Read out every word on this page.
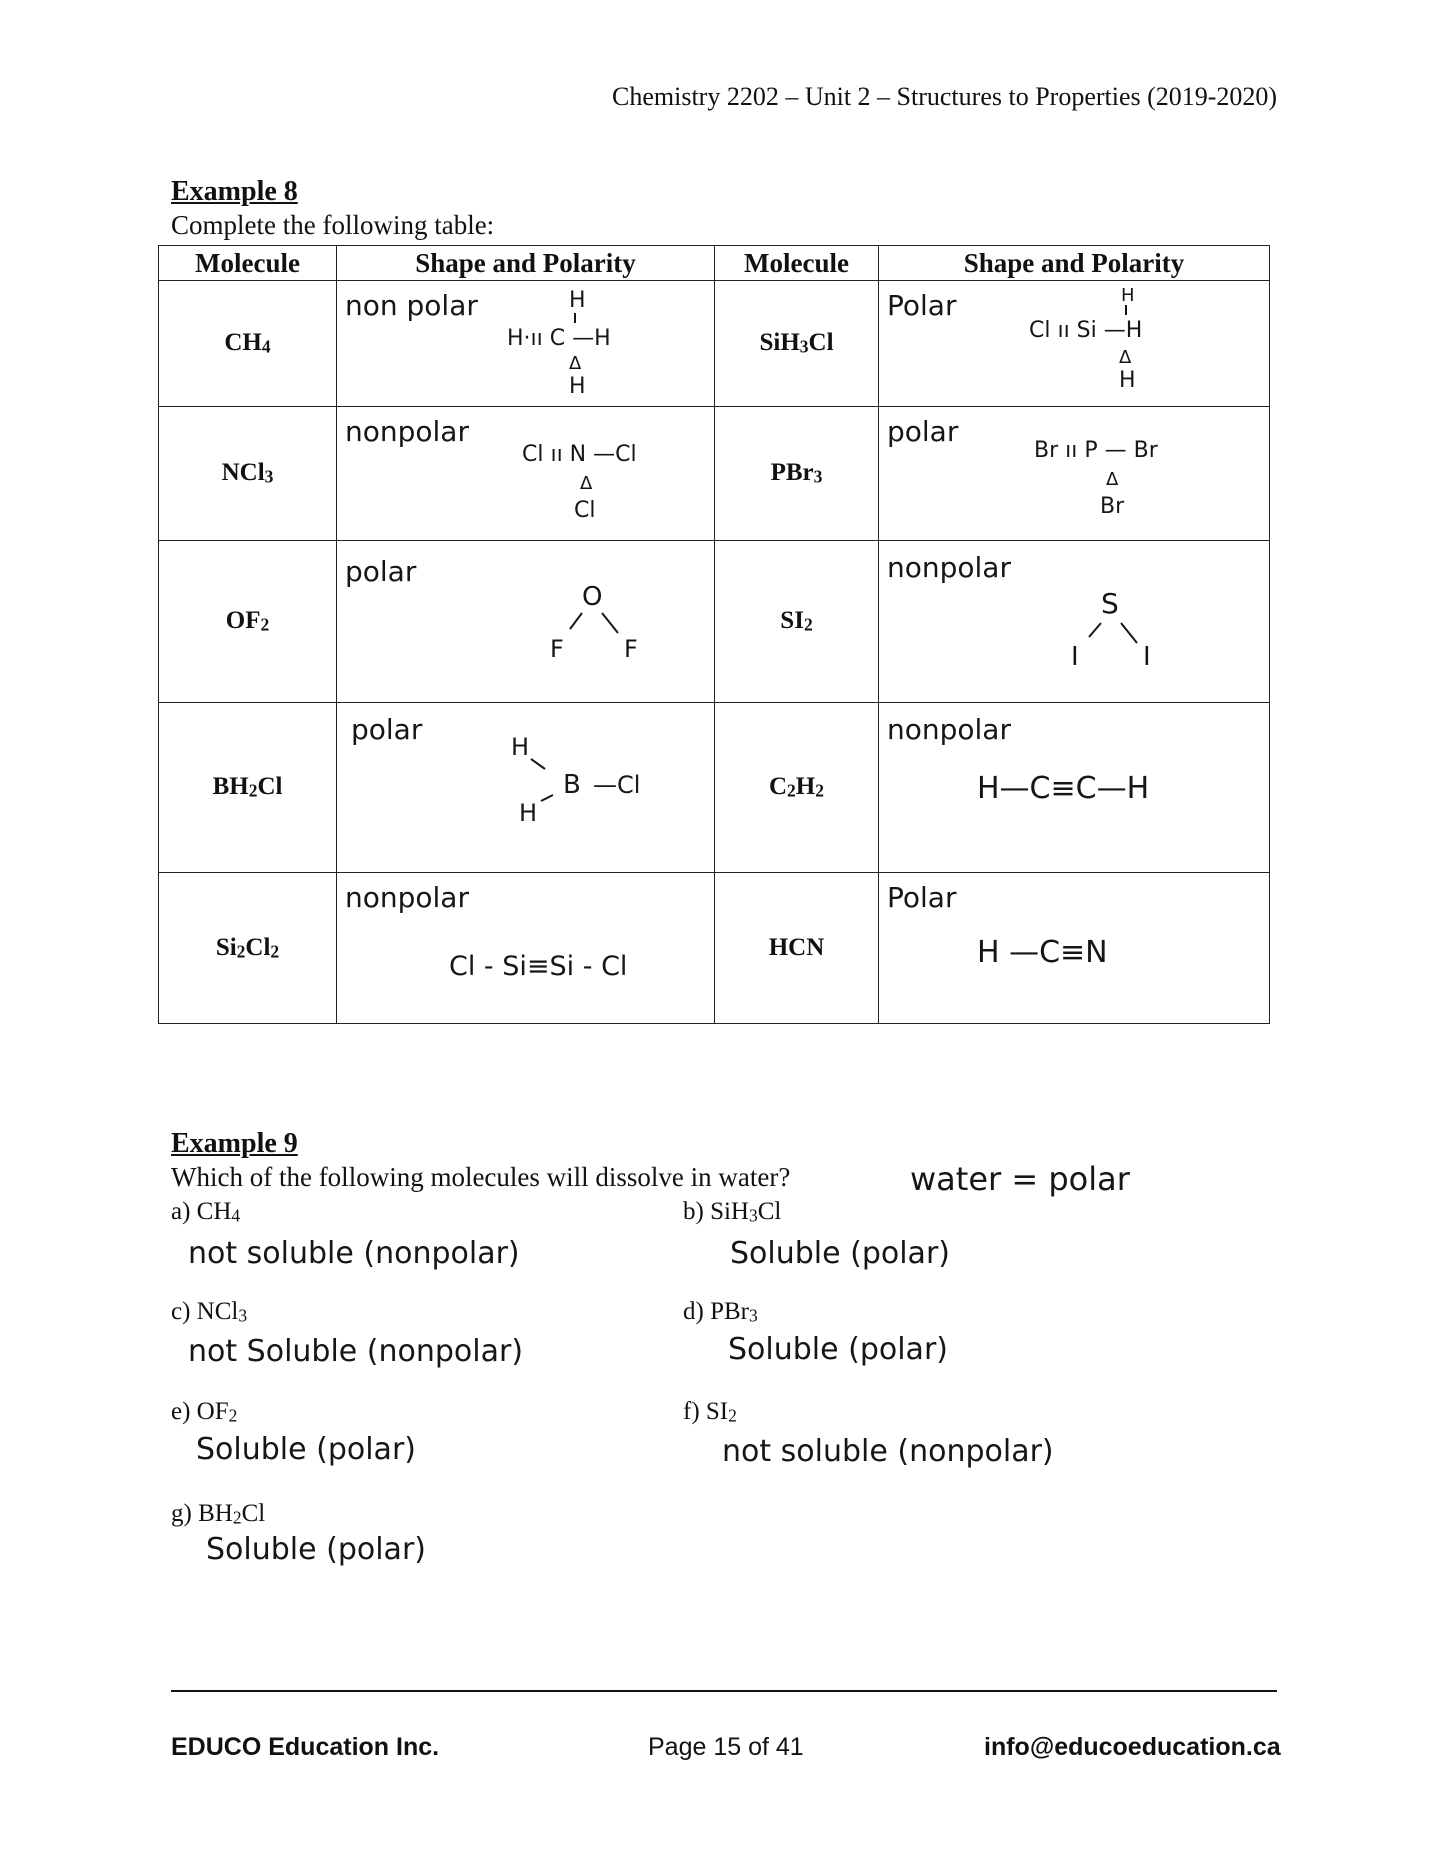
Chemistry 2202 – Unit 2 – Structures to Properties (2019-2020)
Example 8
Complete the following table:
Molecule	Shape and Polarity	Molecule	Shape and Polarity
$CH_4$	non polar H
H·ıı C —H
Δ
H	SiH$_3$Cl	Polar H
Cl ıı Si —H
Δ
H

NCl$_3$	nonpolar
Cl ıı N —Cl
Δ
Cl	PBr$_3$	polar
Br ıı P — Br
Δ
Br

$OF_2$	polar
O
F F	$SI_2$	nonpolar
S
I I

$BH_2Cl$	polar
H
B —Cl
H	$C_2H_2$	nonpolar
H—C≡C—H

$Si_2Cl_2$	nonpolar
Cl - Si≡Si - Cl	HCN	Polar
H —C≡N
Example 9
Which of the following molecules will dissolve in water?	water = polar
a) $CH_4$
not soluble (nonpolar)
b) SiH$_3$Cl
Soluble (polar)
c) NCl$_3$
not Soluble (nonpolar)
d) PBr$_3$
Soluble (polar)
e) $OF_2$
Soluble (polar)
f) $SI_2$
not soluble (nonpolar)
g) $BH_2Cl$
Soluble (polar)
EDUCO Education Inc.	Page 15 of 41	info@educoeducation.ca
